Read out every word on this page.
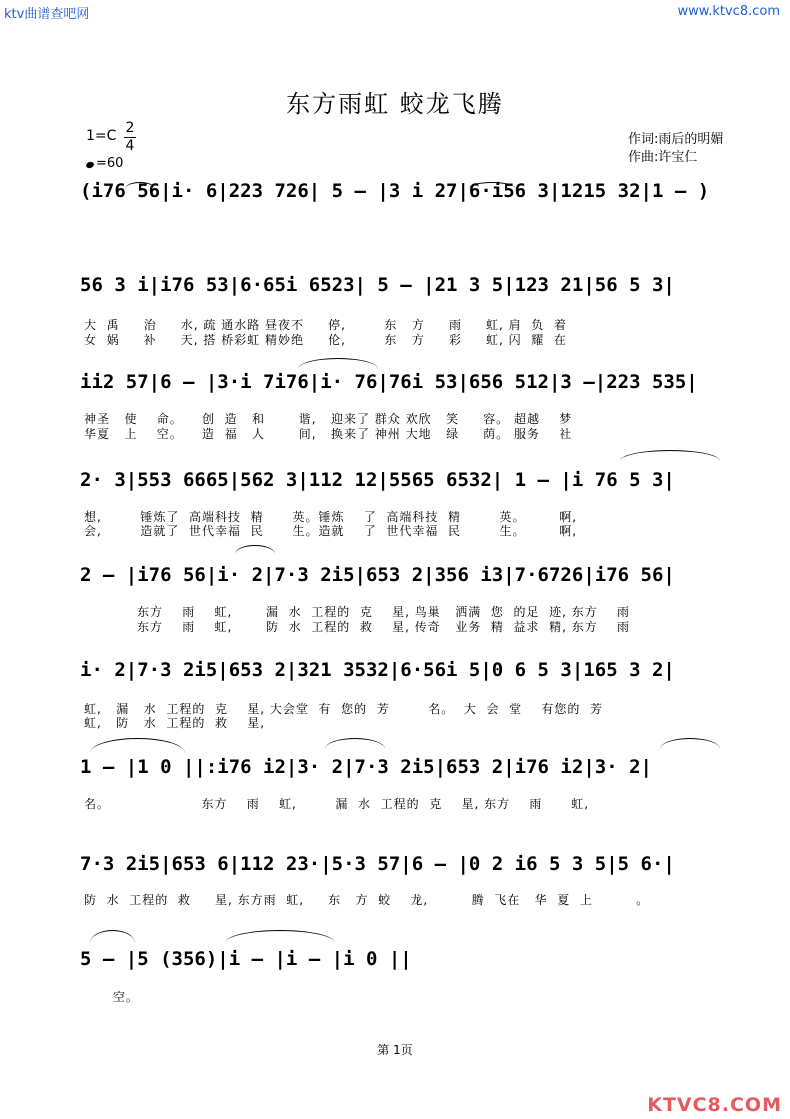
ktv曲谱查吧网	www.ktvc8.com
东方雨虹 蛟龙飞腾
1=C 2
4
=60
作词:雨后的明媚
作曲:许宝仁
(i76 56|i· 6|223 726| 5 – |3 i 27|6·i56 3|1215 32|1 – )
56 3 i|i76 53|6·65i 6523| 5 – |21 3 5|123 21|56 5 3|
大  禹     治     水, 疏 通水路 昼夜不     停,        东   方     雨     虹, 肩  负  着
女  娲     补     天, 搭 桥彩虹 精妙绝     伦,        东   方     彩     虹, 闪  耀  在
ii2 57|6 – |3·i 7i76|i· 76|76i 53|656 512|3 –|223 535|
神圣   使    命。    创  造   和       谐,   迎来了 群众 欢欣   笑     容。 超越    梦
华夏   上    空。    造  福   人       间,   换来了 神州 大地   绿     荫。 服务    社
2· 3|553 6665|562 3|112 12|5565 6532| 1 – |i 76 5 3|
想,        锤炼了  高端科技  精      英。锤炼    了  高端科技  精        英。       啊,
会,        造就了  世代幸福  民      生。造就    了  世代幸福  民        生。       啊,
2 – |i76 56|i· 2|7·3 2i5|653 2|356 i3|7·6726|i76 56|
东方    雨    虹,       漏  水  工程的  克    星, 鸟巢   洒满  您  的足  迹, 东方    雨
东方    雨    虹,       防  水  工程的  救    星, 传奇   业务  精  益求  精, 东方    雨
i· 2|7·3 2i5|653 2|321 3532|6·56i 5|0 6 5 3|165 3 2|
虹,   漏   水  工程的  克    星, 大会堂  有  您的  芳        名。  大  会  堂    有您的  芳
虹,   防   水  工程的  救    星,
1 – |1 0 ||:i76 i2|3· 2|7·3 2i5|653 2|i76 i2|3· 2|
名。                   东方    雨    虹,        漏  水  工程的  克    星, 东方    雨      虹,
7·3 2i5|653 6|112 23·|5·3 57|6 – |0 2 i6 5 3 5|5 6·|
防  水  工程的  救     星, 东方雨  虹,     东   方  蛟    龙,         腾  飞在   华  夏  上         。
5 – |5 (356)|i – |i – |i 0 ||
空。
第 1页
KTVC8.COM
